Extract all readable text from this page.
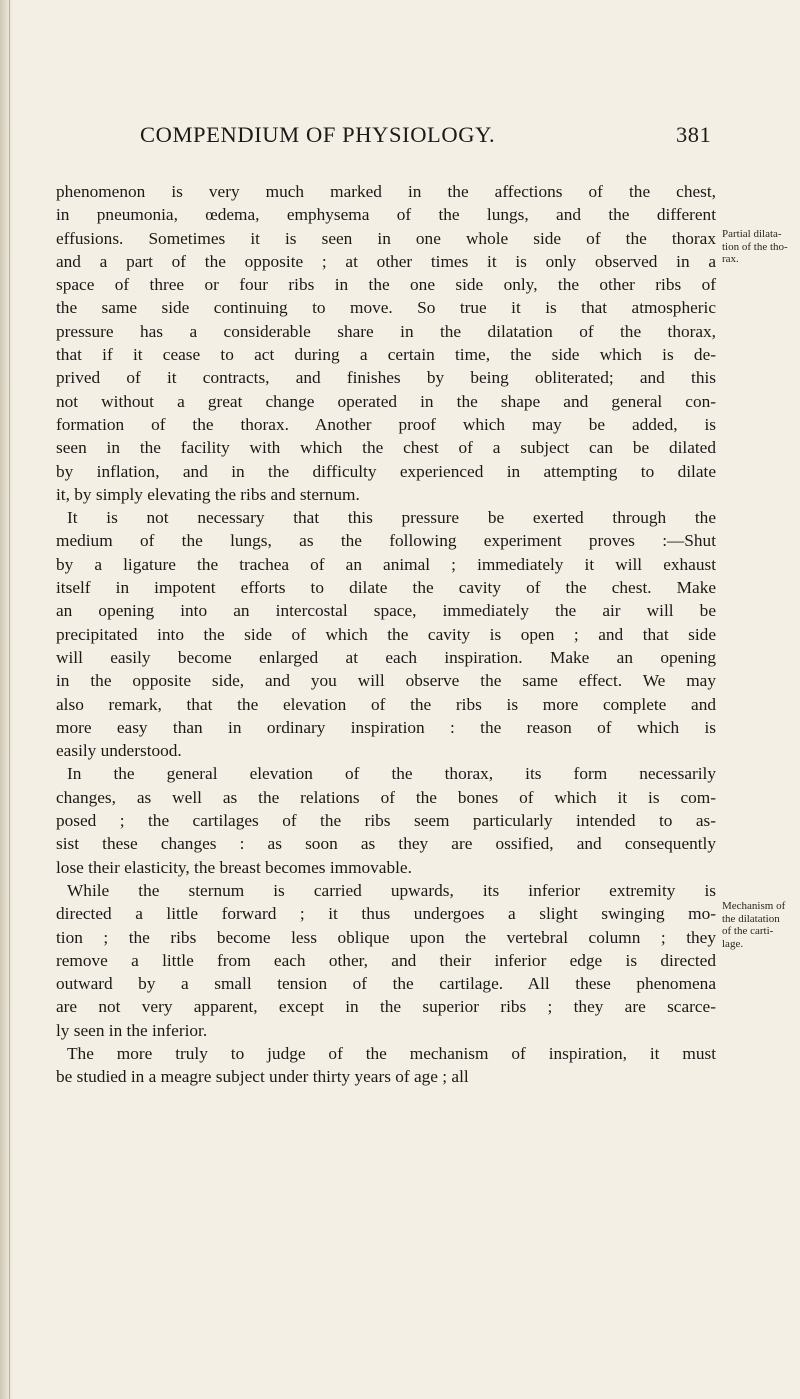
COMPENDIUM OF PHYSIOLOGY.	381
phenomenon is very much marked in the affections of the chest,
in pneumonia, œdema, emphysema of the lungs, and the different
effusions. Sometimes it is seen in one whole side of the thorax
and a part of the opposite ; at other times it is only observed in a
space of three or four ribs in the one side only, the other ribs of
the same side continuing to move. So true it is that atmospheric
pressure has a considerable share in the dilatation of the thorax,
that if it cease to act during a certain time, the side which is de-
prived of it contracts, and finishes by being obliterated; and this
not without a great change operated in the shape and general con-
formation of the thorax. Another proof which may be added, is
seen in the facility with which the chest of a subject can be dilated
by inflation, and in the difficulty experienced in attempting to dilate
it, by simply elevating the ribs and sternum.
It is not necessary that this pressure be exerted through the
medium of the lungs, as the following experiment proves :—Shut
by a ligature the trachea of an animal ; immediately it will exhaust
itself in impotent efforts to dilate the cavity of the chest. Make
an opening into an intercostal space, immediately the air will be
precipitated into the side of which the cavity is open ; and that side
will easily become enlarged at each inspiration. Make an opening
in the opposite side, and you will observe the same effect. We may
also remark, that the elevation of the ribs is more complete and
more easy than in ordinary inspiration : the reason of which is
easily understood.
In the general elevation of the thorax, its form necessarily
changes, as well as the relations of the bones of which it is com-
posed ; the cartilages of the ribs seem particularly intended to as-
sist these changes : as soon as they are ossified, and consequently
lose their elasticity, the breast becomes immovable.
While the sternum is carried upwards, its inferior extremity is
directed a little forward ; it thus undergoes a slight swinging mo-
tion ; the ribs become less oblique upon the vertebral column ; they
remove a little from each other, and their inferior edge is directed
outward by a small tension of the cartilage. All these phenomena
are not very apparent, except in the superior ribs ; they are scarce-
ly seen in the inferior.
The more truly to judge of the mechanism of inspiration, it must
be studied in a meagre subject under thirty years of age ; all
Partial dilata-
tion of the tho-
rax.
Mechanism of
the dilatation
of the carti-
lage.
